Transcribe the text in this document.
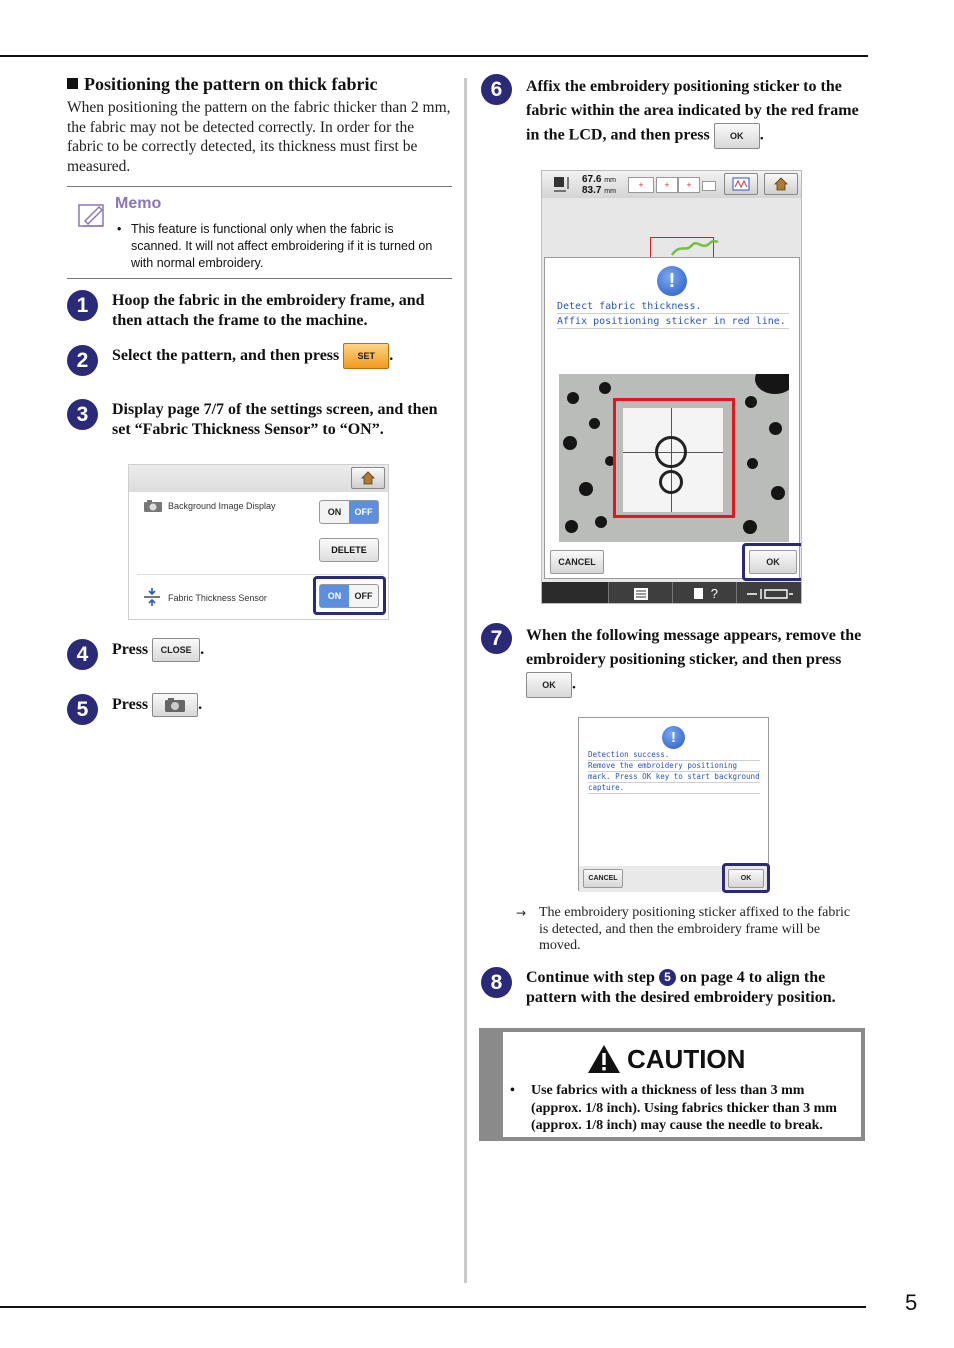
5
Positioning the pattern on thick fabric
When positioning the pattern on the fabric thicker than 2 mm, the fabric may not be detected correctly. In order for the fabric to be correctly detected, its thickness must first be measured.
Memo
• This feature is functional only when the fabric is scanned. It will not affect embroidering if it is turned on with normal embroidery.
1	Hoop the fabric in the embroidery frame, and then attach the frame to the machine.
2	Select the pattern, and then press SET .
3	Display page 7/7 of the settings screen, and then set “Fabric Thickness Sensor” to “ON”.
Background Image Display
ON	OFF
DELETE
Fabric Thickness Sensor	ON	OFF
4	Press CLOSE .
5	Press	.
6	Affix the embroidery positioning sticker to the fabric within the area indicated by the red frame in the LCD, and then press OK .
67.6 mm
83.7 mm
+	+	+
!
Detect fabric thickness.
Affix positioning sticker in red line.
CANCEL	OK
?
7	When the following message appears, remove the embroidery positioning sticker, and then press OK .
!
Detection success.
Remove the embroidery positioning
mark. Press OK key to start background
capture.
CANCEL	OK
→ The embroidery positioning sticker affixed to the fabric is detected, and then the embroidery frame will be moved.
8	Continue with step 5 on page 4 to align the pattern with the desired embroidery position.
CAUTION
• Use fabrics with a thickness of less than 3 mm (approx. 1/8 inch). Using fabrics thicker than 3 mm (approx. 1/8 inch) may cause the needle to break.
